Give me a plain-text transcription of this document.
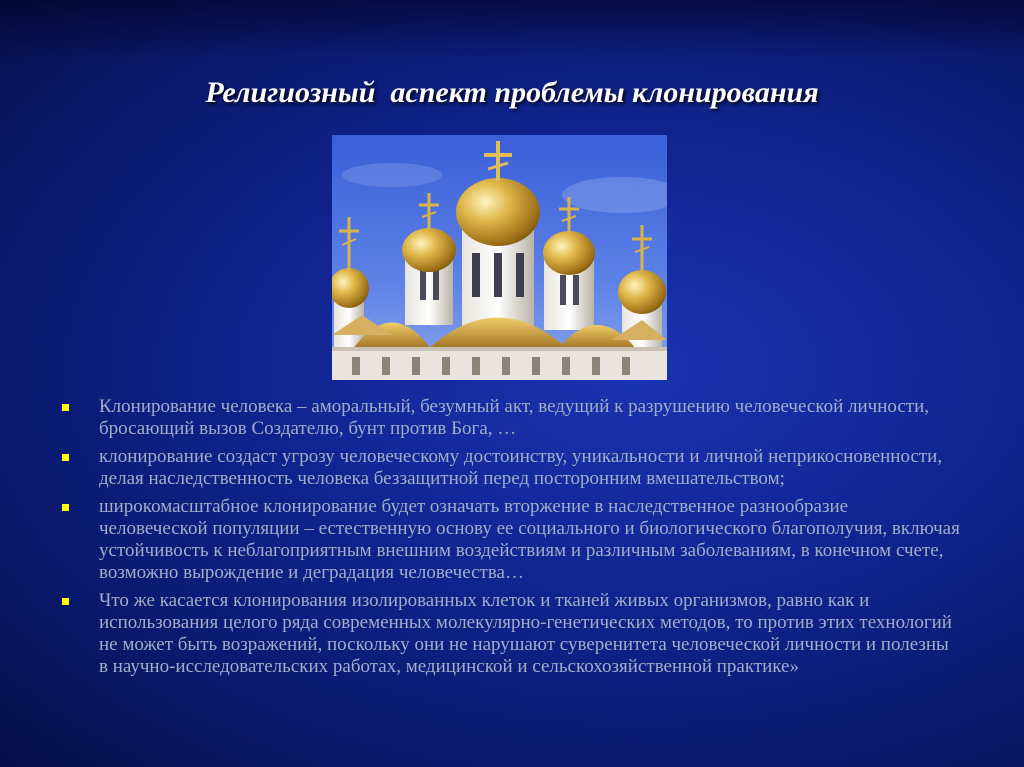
Религиозный  аспект проблемы клонирования
Клонирование человека – аморальный, безумный акт, ведущий к разрушению человеческой личности, бросающий вызов Создателю, бунт против Бога, …
клонирование создаст угрозу человеческому достоинству, уникальности и личной неприкосновенности, делая наследственность человека беззащитной перед посторонним вмешательством;
широкомасштабное клонирование будет означать вторжение в наследственное разнообразие человеческой популяции – естественную основу ее социального и биологического благополучия, включая устойчивость к неблагоприятным внешним воздействиям и различным заболеваниям, в конечном счете, возможно вырождение и деградация человечества…
Что же касается клонирования изолированных клеток и тканей живых организмов, равно как и использования целого ряда современных молекулярно-генетических методов, то против этих технологий не может быть возражений, поскольку они не нарушают суверенитета человеческой личности и полезны в научно-исследовательских работах, медицинской и сельскохозяйственной практике»
